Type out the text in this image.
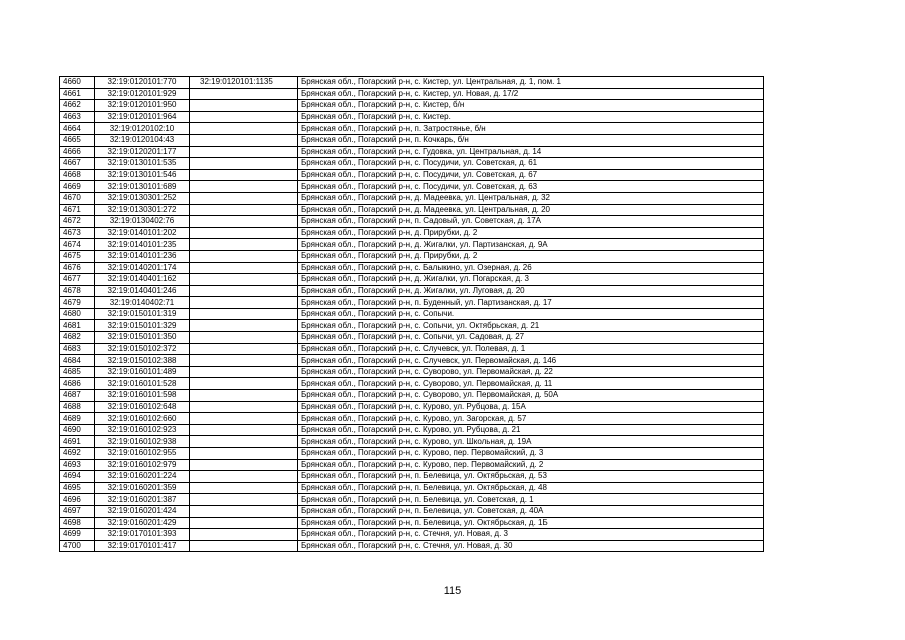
4660	32:19:0120101:770	32:19:0120101:1135	Брянская обл., Погарский р-н, с. Кистер, ул. Центральная, д. 1, пом. 1
4661	32:19:0120101:929		Брянская обл., Погарский р-н, с. Кистер, ул. Новая, д. 17/2
4662	32:19:0120101:950		Брянская обл., Погарский р-н, с. Кистер, б/н
4663	32:19:0120101:964		Брянская обл., Погарский р-н, с. Кистер.
4664	32:19:0120102:10		Брянская обл., Погарский р-н, п. Затростянье, б/н
4665	32:19:0120104:43		Брянская обл., Погарский р-н, п. Кочкарь, б/н
4666	32:19:0120201:177		Брянская обл., Погарский р-н, с. Гудовка, ул. Центральная, д. 14
4667	32:19:0130101:535		Брянская обл., Погарский р-н, с. Посудичи, ул. Советская, д. 61
4668	32:19:0130101:546		Брянская обл., Погарский р-н, с. Посудичи, ул. Советская, д. 67
4669	32:19:0130101:689		Брянская обл., Погарский р-н, с. Посудичи, ул. Советская, д. 63
4670	32:19:0130301:252		Брянская обл., Погарский р-н, д. Мадеевка, ул. Центральная, д. 32
4671	32:19:0130301:272		Брянская обл., Погарский р-н, д. Мадеевка, ул. Центральная, д. 20
4672	32:19:0130402:76		Брянская обл., Погарский р-н, п. Садовый, ул. Советская, д. 17А
4673	32:19:0140101:202		Брянская обл., Погарский р-н, д. Прирубки, д. 2
4674	32:19:0140101:235		Брянская обл., Погарский р-н, д. Жигалки, ул. Партизанская, д. 9А
4675	32:19:0140101:236		Брянская обл., Погарский р-н, д. Прирубки, д. 2
4676	32:19:0140201:174		Брянская обл., Погарский р-н, с. Балыкино, ул. Озерная, д. 26
4677	32:19:0140401:162		Брянская обл., Погарский р-н, д. Жигалки, ул. Погарская, д. 3
4678	32:19:0140401:246		Брянская обл., Погарский р-н, д. Жигалки, ул. Луговая, д. 20
4679	32:19:0140402:71		Брянская обл., Погарский р-н, п. Буденный, ул. Партизанская, д. 17
4680	32:19:0150101:319		Брянская обл., Погарский р-н, с. Сопычи.
4681	32:19:0150101:329		Брянская обл., Погарский р-н, с. Сопычи, ул. Октябрьская, д. 21
4682	32:19:0150101:350		Брянская обл., Погарский р-н, с. Сопычи, ул. Садовая, д. 27
4683	32:19:0150102:372		Брянская обл., Погарский р-н, с. Случевск, ул. Полевая, д. 1
4684	32:19:0150102:388		Брянская обл., Погарский р-н, с. Случевск, ул. Первомайская, д. 146
4685	32:19:0160101:489		Брянская обл., Погарский р-н, с. Суворово, ул. Первомайская, д. 22
4686	32:19:0160101:528		Брянская обл., Погарский р-н, с. Суворово, ул. Первомайская, д. 11
4687	32:19:0160101:598		Брянская обл., Погарский р-н, с. Суворово, ул. Первомайская, д. 50А
4688	32:19:0160102:648		Брянская обл., Погарский р-н, с. Курово, ул. Рубцова, д. 15А
4689	32:19:0160102:660		Брянская обл., Погарский р-н, с. Курово, ул. Загорская, д. 57
4690	32:19:0160102:923		Брянская обл., Погарский р-н, с. Курово, ул. Рубцова, д. 21
4691	32:19:0160102:938		Брянская обл., Погарский р-н, с. Курово, ул. Школьная, д. 19А
4692	32:19:0160102:955		Брянская обл., Погарский р-н, с. Курово, пер. Первомайский, д. 3
4693	32:19:0160102:979		Брянская обл., Погарский р-н, с. Курово, пер. Первомайский, д. 2
4694	32:19:0160201:224		Брянская обл., Погарский р-н, п. Белевица, ул. Октябрьская, д. 53
4695	32:19:0160201:359		Брянская обл., Погарский р-н, п. Белевица, ул. Октябрьская, д. 48
4696	32:19:0160201:387		Брянская обл., Погарский р-н, п. Белевица, ул. Советская, д. 1
4697	32:19:0160201:424		Брянская обл., Погарский р-н, п. Белевица, ул. Советская, д. 40А
4698	32:19:0160201:429		Брянская обл., Погарский р-н, п. Белевица, ул. Октябрьская, д. 1Б
4699	32:19:0170101:393		Брянская обл., Погарский р-н, с. Стечня, ул. Новая, д. 3
4700	32:19:0170101:417		Брянская обл., Погарский р-н, с. Стечня, ул. Новая, д. 30
115
